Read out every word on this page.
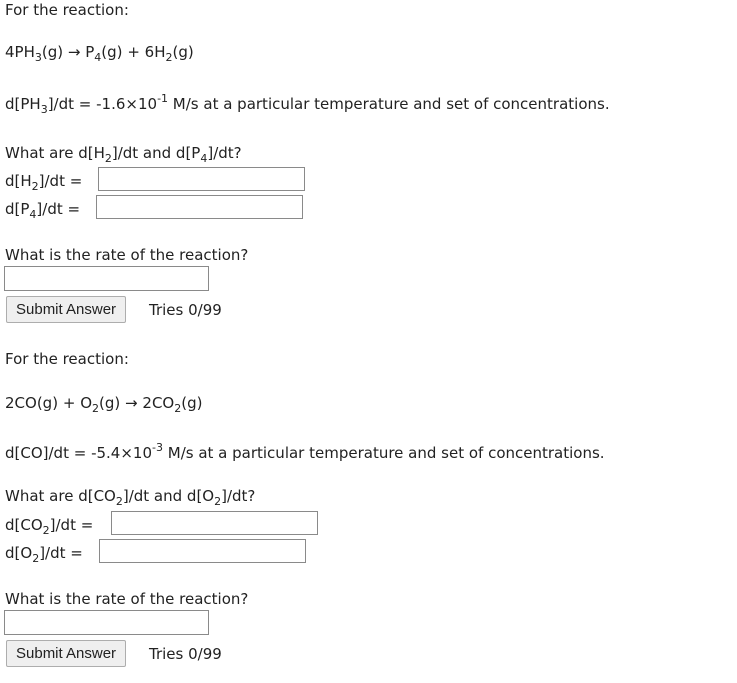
For the reaction:
$4PH_3(g) \to P_4(g) + 6H_2(g)$
$d[PH_3]/dt = -1.6\times 10^{-1}$ M/s at a particular temperature and set of concentrations.
What are $d[H_2]/dt$ and $d[P_4]/dt$?
$d[H_2]/dt$ =
$d[P_4]/dt$ =
What is the rate of the reaction?
Submit Answer	Tries 0/99
For the reaction:
$2CO(g) + O_2(g) \to 2CO_2(g)$
$d[CO]/dt = -5.4\times 10^{-3}$ M/s at a particular temperature and set of concentrations.
What are $d[CO_2]/dt$ and $d[O_2]/dt$?
$d[CO_2]/dt$ =
$d[O_2]/dt$ =
What is the rate of the reaction?
Submit Answer	Tries 0/99
